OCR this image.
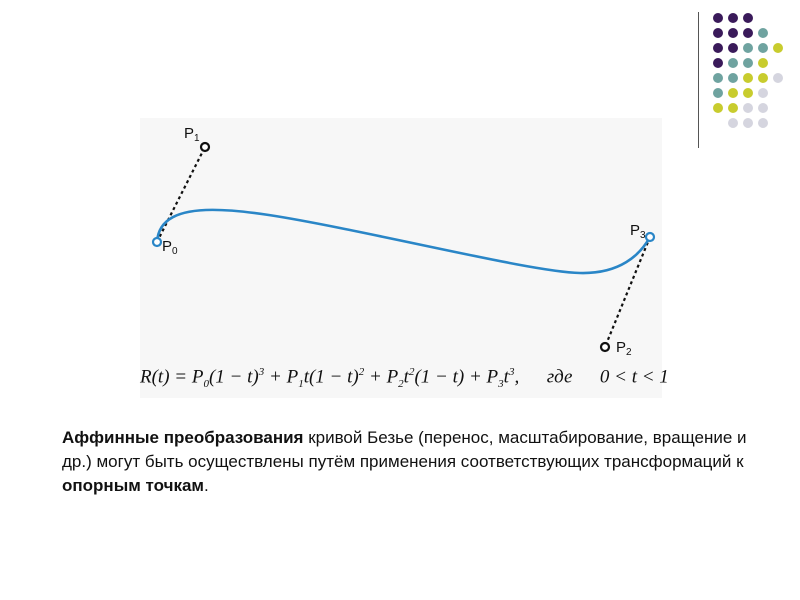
$P_1$
$P_0$
$P_3$
$P_2$
$R(t) = P_0(1 - t)^3 + P_1t(1 - t)^2 + P_2t^2(1 - t) + P_3t^3$, где 0 < t < 1
Аффинные преобразования кривой Безье (перенос, масштабирование, вращение и др.) могут быть осуществлены путём применения соответствующих трансформаций к опорным точкам.
